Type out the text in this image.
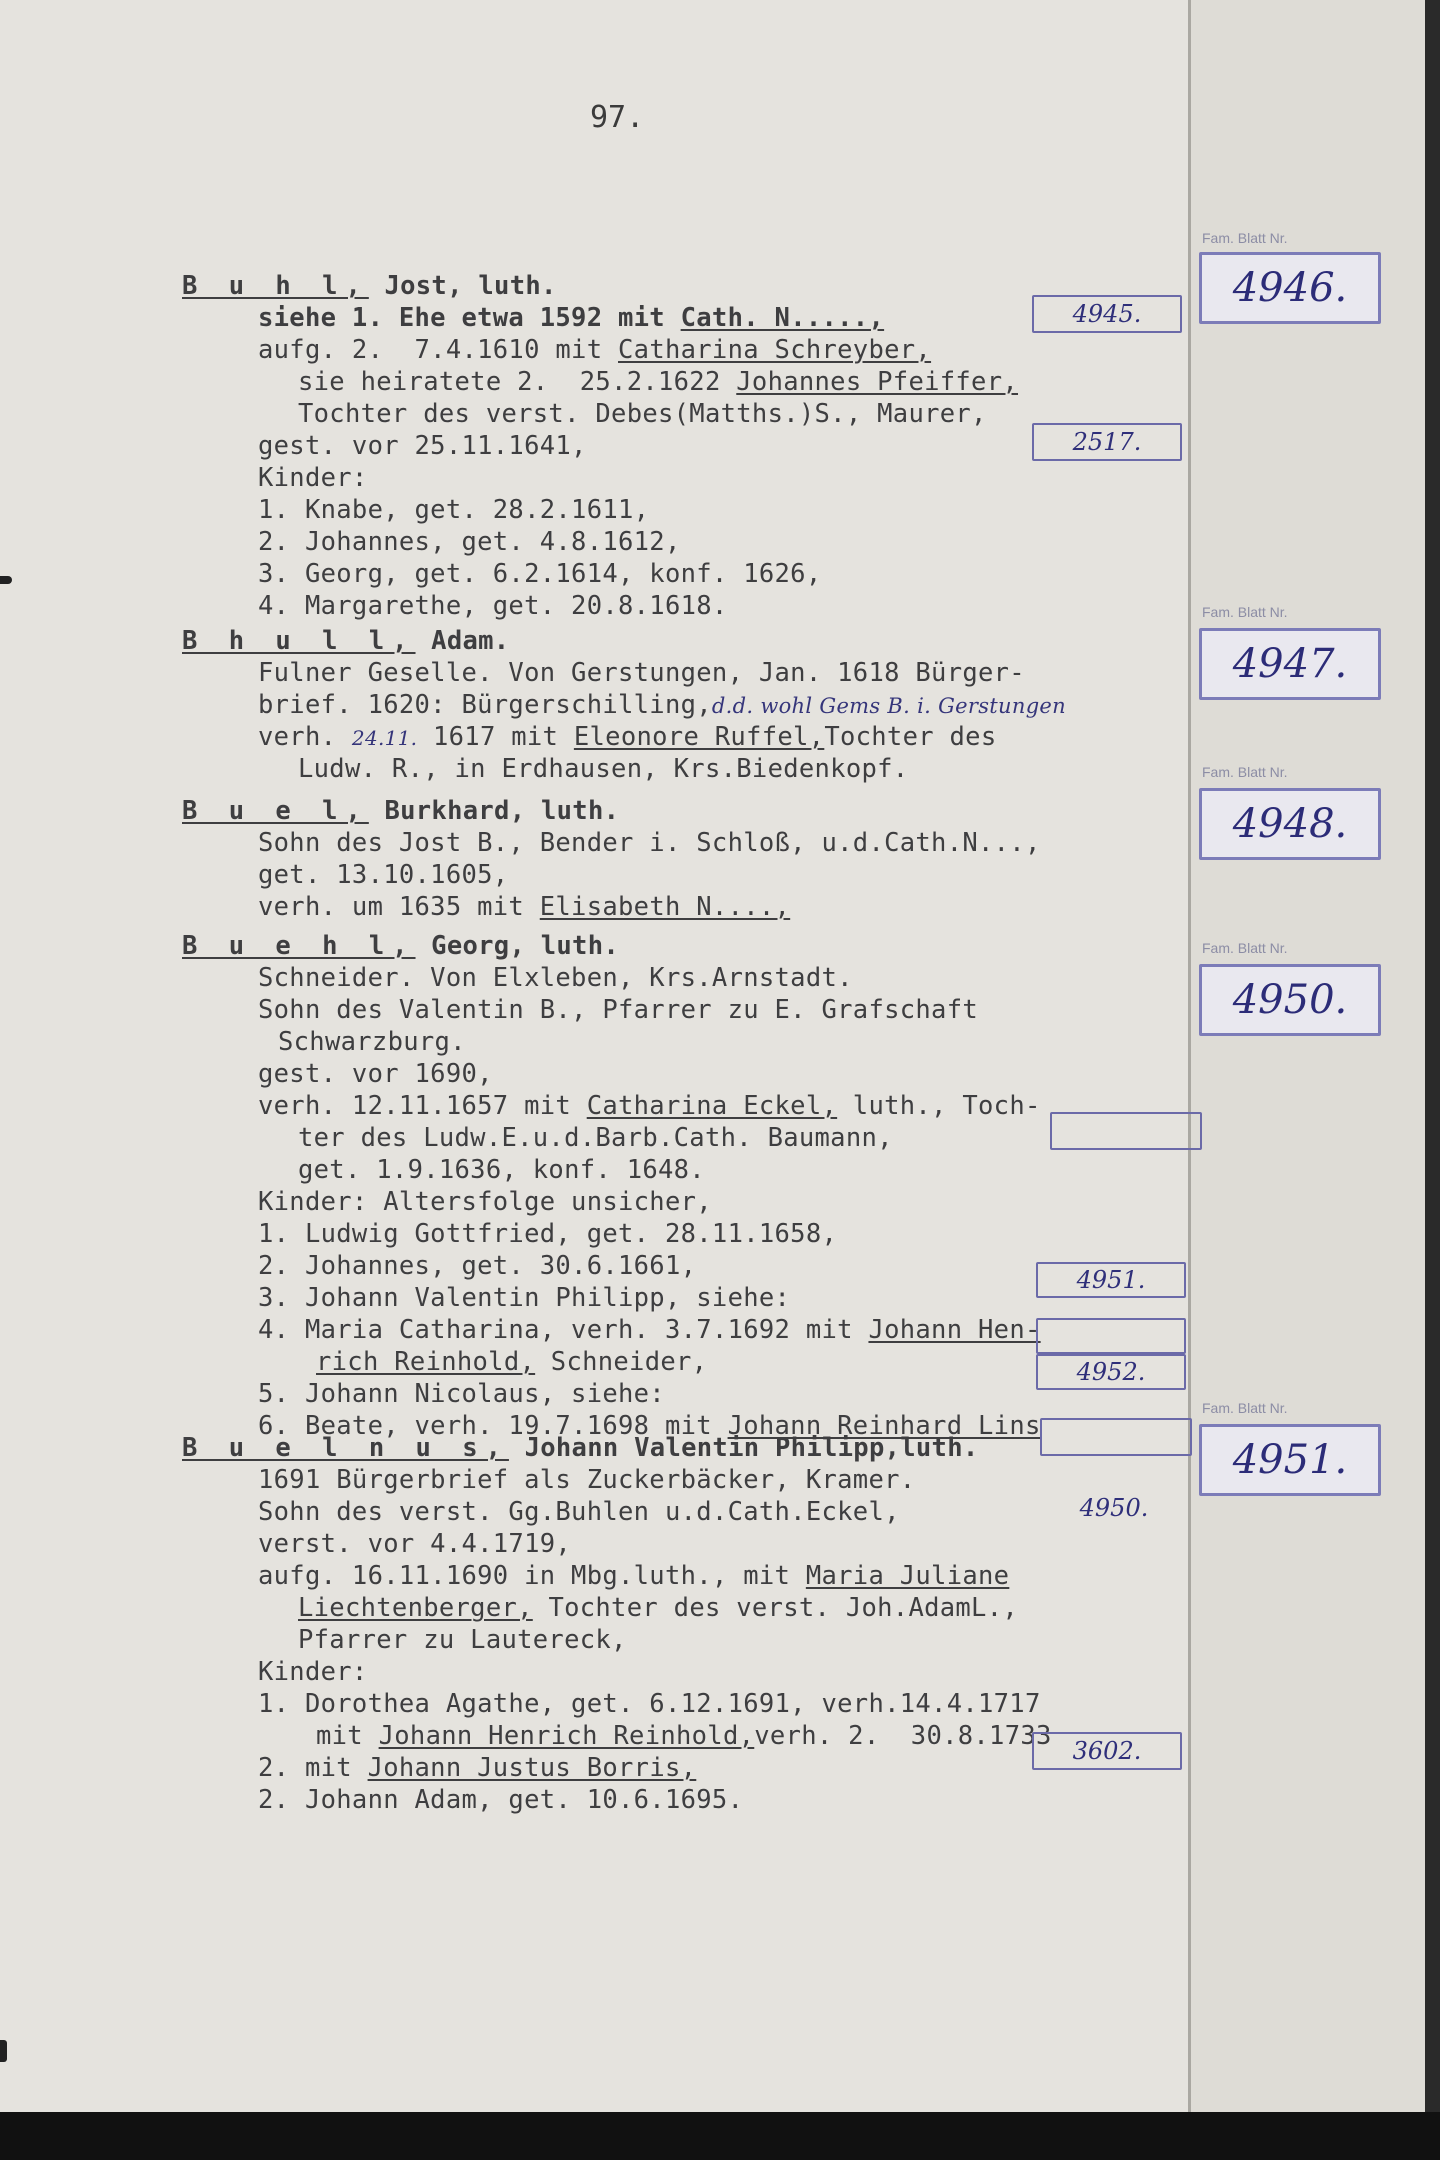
97.
B u h l, Jost, luth.
siehe 1. Ehe etwa 1592 mit Cath. N.....,
aufg. 2.  7.4.1610 mit Catharina Schreyber,
sie heiratete 2.  25.2.1622 Johannes Pfeiffer,
Tochter des verst. Debes(Matths.)S., Maurer,
gest. vor 25.11.1641,
Kinder:
1. Knabe, get. 28.2.1611,
2. Johannes, get. 4.8.1612,
3. Georg, get. 6.2.1614, konf. 1626,
4. Margarethe, get. 20.8.1618.
4945.
2517.
B h u l l, Adam.
Fulner Geselle. Von Gerstungen, Jan. 1618 Bürger-
brief. 1620: Bürgerschilling,d.d. wohl Gems B. i. Gerstungen
verh. 24.11. 1617 mit Eleonore Ruffel,Tochter des
Ludw. R., in Erdhausen, Krs.Biedenkopf.
B u e l, Burkhard, luth.
Sohn des Jost B., Bender i. Schloß, u.d.Cath.N...,
get. 13.10.1605,
verh. um 1635 mit Elisabeth N....,
B u e h l, Georg, luth.
Schneider. Von Elxleben, Krs.Arnstadt.
Sohn des Valentin B., Pfarrer zu E. Grafschaft
Schwarzburg.
gest. vor 1690,
verh. 12.11.1657 mit Catharina Eckel, luth., Toch-
ter des Ludw.E.u.d.Barb.Cath. Baumann,
get. 1.9.1636, konf. 1648.
Kinder: Altersfolge unsicher,
1. Ludwig Gottfried, get. 28.11.1658,
2. Johannes, get. 30.6.1661,
3. Johann Valentin Philipp, siehe:
4. Maria Catharina, verh. 3.7.1692 mit Johann Hen-
rich Reinhold, Schneider,
5. Johann Nicolaus, siehe:
6. Beate, verh. 19.7.1698 mit Johann Reinhard Lins
4951.
4952.
B u e l n u s, Johann Valentin Philipp,luth.
1691 Bürgerbrief als Zuckerbäcker, Kramer.
Sohn des verst. Gg.Buhlen u.d.Cath.Eckel,
verst. vor 4.4.1719,
aufg. 16.11.1690 in Mbg.luth., mit Maria Juliane
Liechtenberger, Tochter des verst. Joh.AdamL.,
Pfarrer zu Lautereck,
Kinder:
1. Dorothea Agathe, get. 6.12.1691, verh.14.4.1717
mit Johann Henrich Reinhold,verh. 2.  30.8.1733
2. mit Johann Justus Borris,
2. Johann Adam, get. 10.6.1695.
4950.
3602.
Fam. Blatt Nr.
4946.
Fam. Blatt Nr.
4947.
Fam. Blatt Nr.
4948.
Fam. Blatt Nr.
4950.
Fam. Blatt Nr.
4951.
